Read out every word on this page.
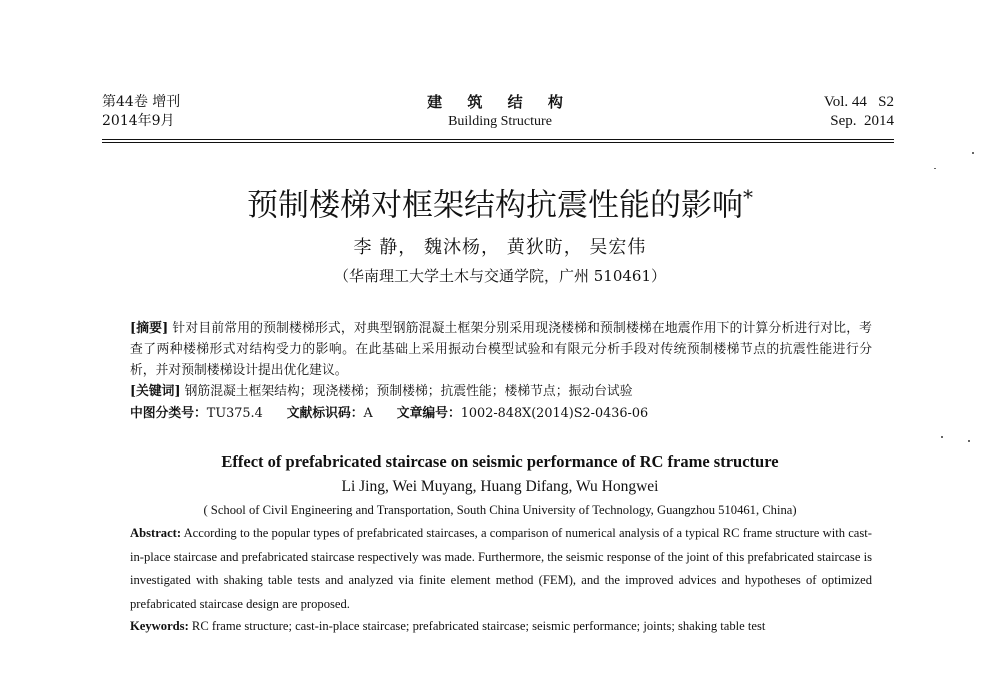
第44卷 增刊
2014年9月
建 筑 结 构
Building Structure
Vol. 44   S2
Sep.  2014
预制楼梯对框架结构抗震性能的影响*
李 静， 魏沐杨， 黄狄昉， 吴宏伟
（华南理工大学土木与交通学院，广州 510461）
[摘要] 针对目前常用的预制楼梯形式，对典型钢筋混凝土框架分别采用现浇楼梯和预制楼梯在地震作用下的计算分析进行对比，考查了两种楼梯形式对结构受力的影响。在此基础上采用振动台模型试验和有限元分析手段对传统预制楼梯节点的抗震性能进行分析，并对预制楼梯设计提出优化建议。
[关键词] 钢筋混凝土框架结构；现浇楼梯；预制楼梯；抗震性能；楼梯节点；振动台试验
中图分类号：TU375.4 文献标识码：A 文章编号：1002-848X(2014)S2-0436-06
Effect of prefabricated staircase on seismic performance of RC frame structure
Li Jing, Wei Muyang, Huang Difang, Wu Hongwei
( School of Civil Engineering and Transportation, South China University of Technology, Guangzhou 510461, China)
Abstract: According to the popular types of prefabricated staircases, a comparison of numerical analysis of a typical RC frame structure with cast-in-place staircase and prefabricated staircase respectively was made. Furthermore, the seismic response of the joint of this prefabricated staircase is investigated with shaking table tests and analyzed via finite element method (FEM), and the improved advices and hypotheses of optimized prefabricated staircase design are proposed.
Keywords: RC frame structure; cast-in-place staircase; prefabricated staircase; seismic performance; joints; shaking table test
